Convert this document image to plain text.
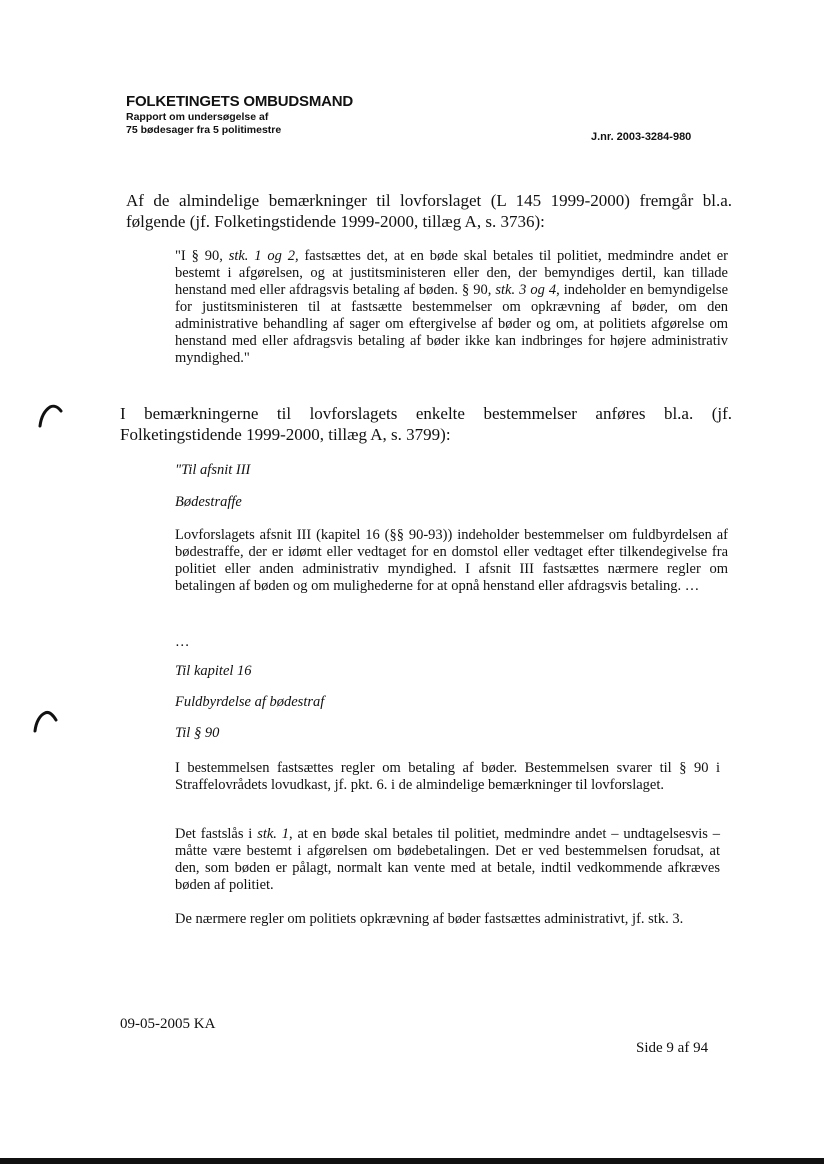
FOLKETINGETS OMBUDSMAND
Rapport om undersøgelse af
75 bødesager fra 5 politimestre
J.nr. 2003-3284-980

Af de almindelige bemærkninger til lovforslaget (L 145 1999-2000) fremgår bl.a. følgende (jf. Folketingstidende 1999-2000, tillæg A, s. 3736):

"I § 90, stk. 1 og 2, fastsættes det, at en bøde skal betales til politiet, medmindre andet er bestemt i afgørelsen, og at justitsministeren eller den, der bemyndiges dertil, kan tillade henstand med eller afdragsvis betaling af bøden. § 90, stk. 3 og 4, indeholder en bemyndigelse for justitsministeren til at fastsætte bestemmelser om opkrævning af bøder, om den administrative behandling af sager om eftergivelse af bøder og om, at politiets afgørelse om henstand med eller afdragsvis betaling af bøder ikke kan indbringes for højere administrativ myndighed."

I bemærkningerne til lovforslagets enkelte bestemmelser anføres bl.a. (jf. Folketingstidende 1999-2000, tillæg A, s. 3799):

"Til afsnit III

Bødestraffe

Lovforslagets afsnit III (kapitel 16 (§§ 90-93)) indeholder bestemmelser om fuldbyrdelsen af bødestraffe, der er idømt eller vedtaget for en domstol eller vedtaget efter tilkendegivelse fra politiet eller anden administrativ myndighed. I afsnit III fastsættes nærmere regler om betalingen af bøden og om mulighederne for at opnå henstand eller afdragsvis betaling. …

…

Til kapitel 16

Fuldbyrdelse af bødestraf

Til § 90

I bestemmelsen fastsættes regler om betaling af bøder. Bestemmelsen svarer til § 90 i Straffelovrådets lovudkast, jf. pkt. 6. i de almindelige bemærkninger til lovforslaget.

Det fastslås i stk. 1, at en bøde skal betales til politiet, medmindre andet – undtagelsesvis – måtte være bestemt i afgørelsen om bødebetalingen. Det er ved bestemmelsen forudsat, at den, som bøden er pålagt, normalt kan vente med at betale, indtil vedkommende afkræves bøden af politiet.

De nærmere regler om politiets opkrævning af bøder fastsættes administrativt, jf. stk. 3.

09-05-2005 KA
Side 9 af 94
